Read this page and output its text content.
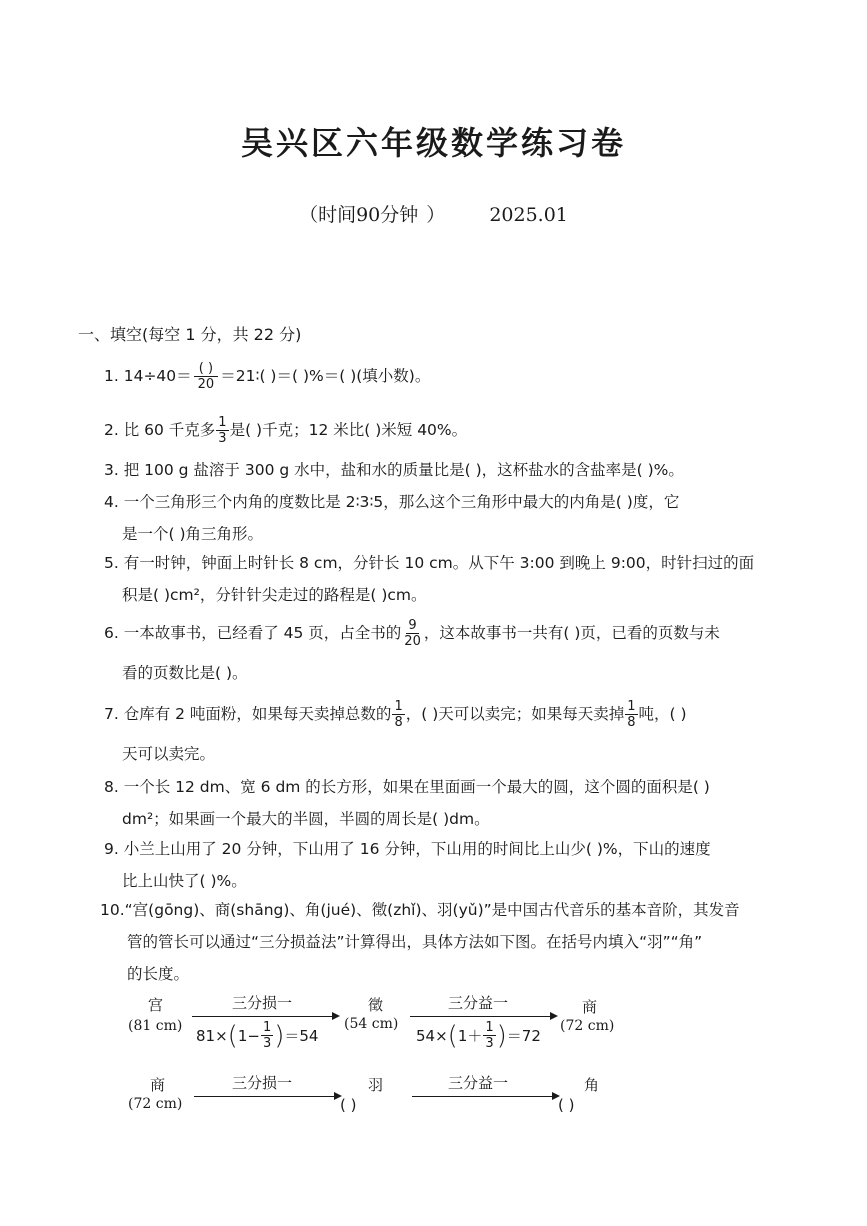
吴兴区六年级数学练习卷
（时间90分钟 ） 2025.01
一、填空(每空 1 分，共 22 分)
1. $14\div 40= \frac{( )}{20}$ ＝21∶( )＝( )%＝( )(填小数)。
2. 比 60 千克多 $\frac{1}{3}$ 是( )千克；12 米比( )米短 40%。
3. 把 100 g 盐溶于 300 g 水中，盐和水的质量比是( )，这杯盐水的含盐率是( )%。
4. 一个三角形三个内角的度数比是 2∶3∶5，那么这个三角形中最大的内角是( )度，它
是一个( )角三角形。
5. 有一时钟，钟面上时针长 8 cm，分针长 10 cm。从下午 3:00 到晚上 9:00，时针扫过的面
积是( )cm²，分针针尖走过的路程是( )cm。
6. 一本故事书，已经看了 45 页，占全书的 $\frac{9}{20}$ ，这本故事书一共有( )页，已看的页数与未
看的页数比是( )。
7. 仓库有 2 吨面粉，如果每天卖掉总数的 $\frac{1}{8}$ ，( )天可以卖完；如果每天卖掉 $\frac{1}{8}$ 吨，( )
天可以卖完。
8. 一个长 12 dm、宽 6 dm 的长方形，如果在里面画一个最大的圆，这个圆的面积是( )
dm²；如果画一个最大的半圆，半圆的周长是( )dm。
9. 小兰上山用了 20 分钟，下山用了 16 分钟，下山用的时间比上山少( )%，下山的速度
比上山快了( )%。
10.“宫(gōng)、商(shāng)、角(jué)、徵(zhǐ)、羽(yǔ)”是中国古代音乐的基本音阶，其发音
管的管长可以通过“三分损益法”计算得出，具体方法如下图。在括号内填入“羽”“角”
的长度。
宫
(81 cm)
三分损一
81× ( $1- \frac{1}{3}$ ) ＝54
徵
(54 cm)
三分益一
54× ( $1+ \frac{1}{3}$ ) ＝72
商
(72 cm)
商
(72 cm)
三分损一	羽
( )
三分益一	角
( )
